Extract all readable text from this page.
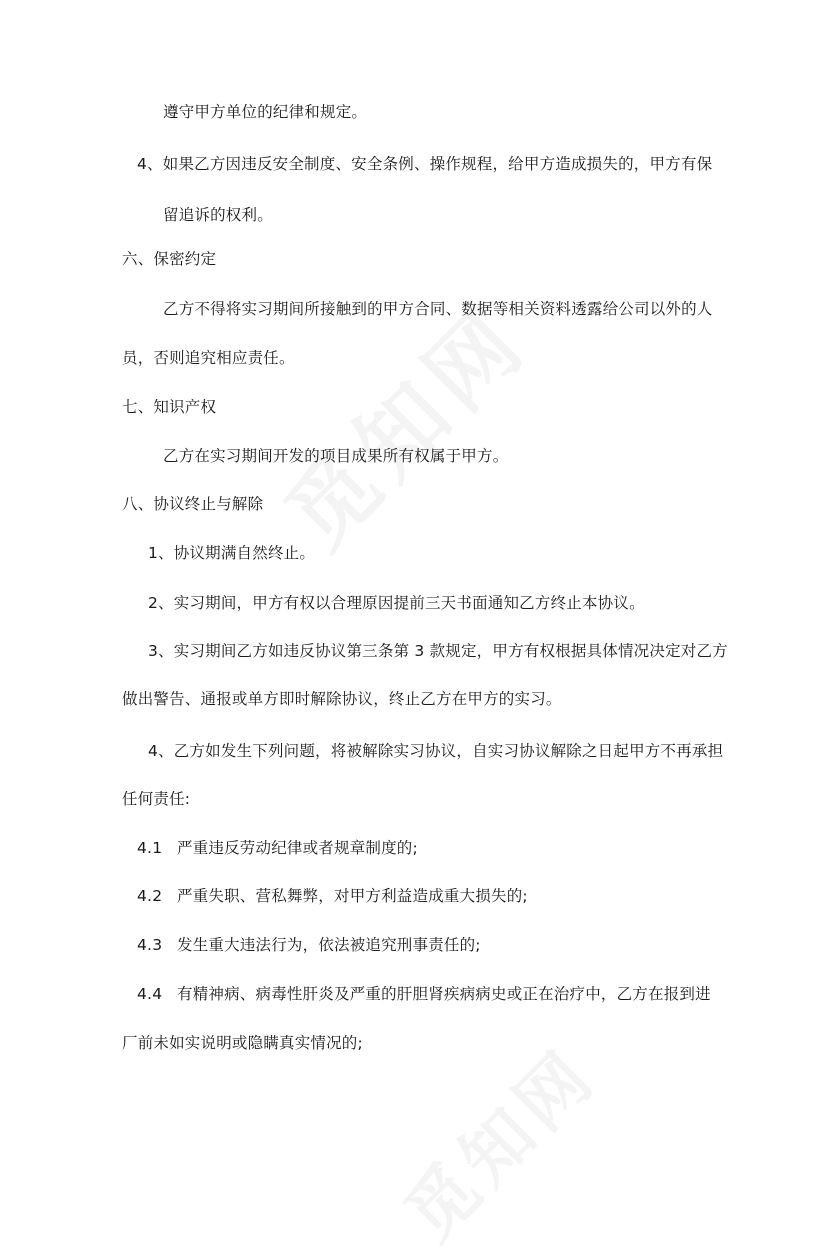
遵守甲方单位的纪律和规定。
4、如果乙方因违反安全制度、安全条例、操作规程，给甲方造成损失的，甲方有保
留追诉的权利。
六、保密约定
乙方不得将实习期间所接触到的甲方合同、数据等相关资料透露给公司以外的人
员，否则追究相应责任。
七、知识产权
乙方在实习期间开发的项目成果所有权属于甲方。
八、协议终止与解除
1、协议期满自然终止。
2、实习期间，甲方有权以合理原因提前三天书面通知乙方终止本协议。
3、实习期间乙方如违反协议第三条第 3 款规定，甲方有权根据具体情况决定对乙方
做出警告、通报或单方即时解除协议，终止乙方在甲方的实习。
4、乙方如发生下列问题，将被解除实习协议，自实习协议解除之日起甲方不再承担
任何责任:
4.1 严重违反劳动纪律或者规章制度的;
4.2 严重失职、营私舞弊，对甲方利益造成重大损失的;
4.3 发生重大违法行为，依法被追究刑事责任的;
4.4 有精神病、病毒性肝炎及严重的肝胆肾疾病病史或正在治疗中，乙方在报到进
厂前未如实说明或隐瞒真实情况的;
